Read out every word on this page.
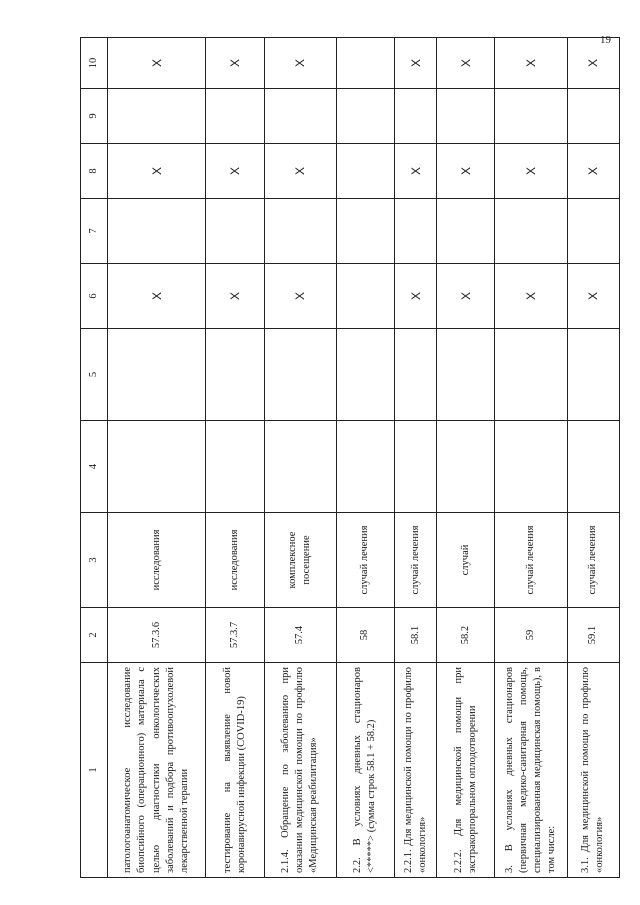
19
1	2	3	4	5	6	7	8	9	10
патологоанатомическое исследование биопсийного (операционного) материала с целью диагностики онкологических заболеваний и подбора противоопухолевой лекарственной терапии	57.3.6	исследования			X		X		X
тестирование на выявление новой коронавирусной инфекции (COVID-19)	57.3.7	исследования			X		X		X
2.1.4. Обращение по заболеванию при оказании медицинской помощи по профилю «Медицинская реабилитация»	57.4	комплексное посещение			X		X		X
2.2. В условиях дневных стационаров <*****> (сумма строк 58.1 + 58.2)	58	случай лечения							
2.2.1. Для медицинской помощи по профилю «онкология»	58.1	случай лечения			X		X		X
2.2.2. Для медицинской помощи при экстракорпоральном оплодотворении	58.2	случай			X		X		X
3. В условиях дневных стационаров (первичная медико-санитарная помощь, специализированная медицинская помощь), в том числе:	59	случай лечения			X		X		X
3.1. Для медицинской помощи по профилю «онкология»	59.1	случай лечения			X		X		X
